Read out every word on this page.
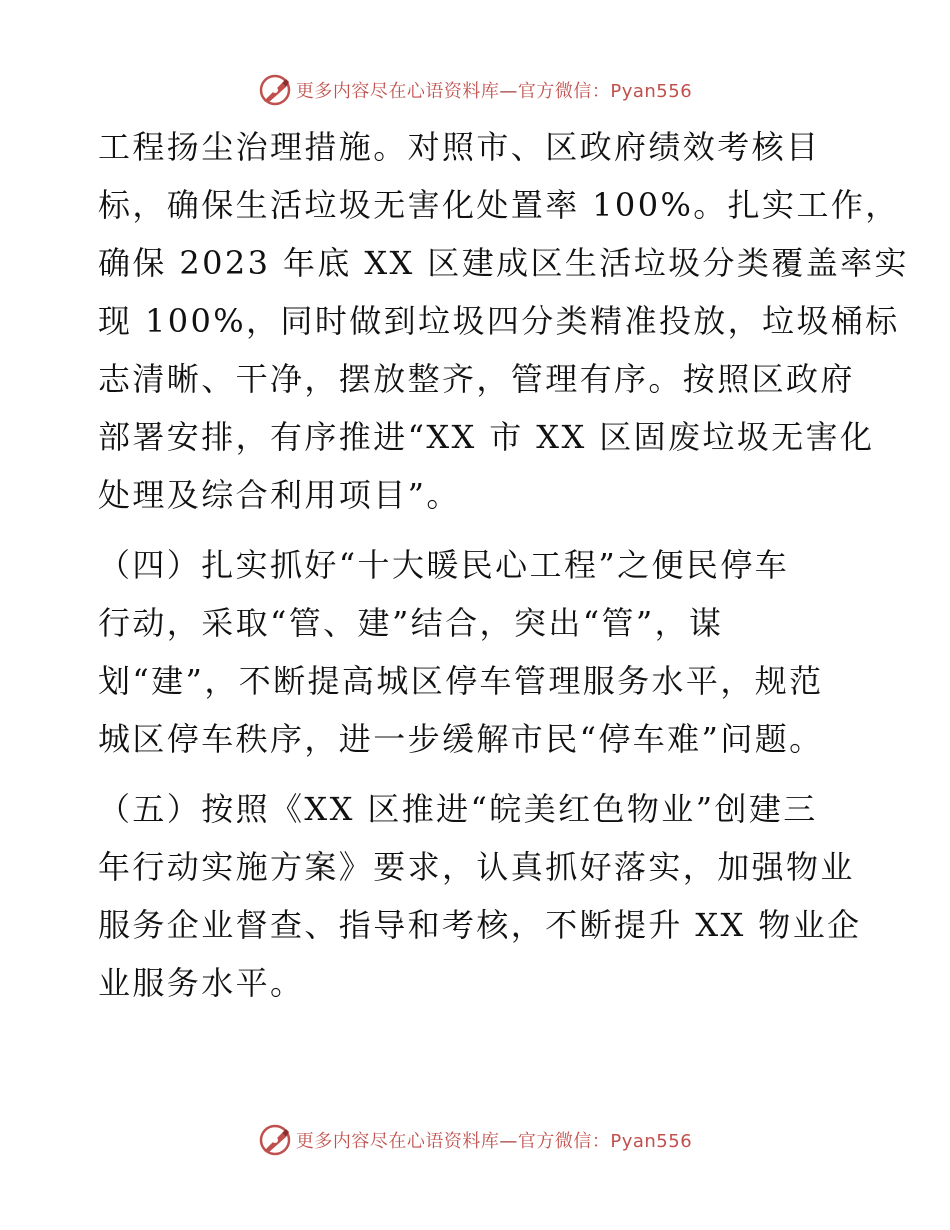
更多内容尽在心语资料库—官方微信：Pyan556

工程扬尘治理措施。对照市、区政府绩效考核目
标，确保生活垃圾无害化处置率 100%。扎实工作，
确保 2023 年底 XX 区建成区生活垃圾分类覆盖率实
现 100%，同时做到垃圾四分类精准投放，垃圾桶标
志清晰、干净，摆放整齐，管理有序。按照区政府
部署安排，有序推进“XX 市 XX 区固废垃圾无害化
处理及综合利用项目”。

（四）扎实抓好“十大暖民心工程”之便民停车
行动，采取“管、建”结合，突出“管”，谋
划“建”，不断提高城区停车管理服务水平，规范
城区停车秩序，进一步缓解市民“停车难”问题。

（五）按照《XX 区推进“皖美红色物业”创建三
年行动实施方案》要求，认真抓好落实，加强物业
服务企业督查、指导和考核，不断提升 XX 物业企
业服务水平。

更多内容尽在心语资料库—官方微信：Pyan556
